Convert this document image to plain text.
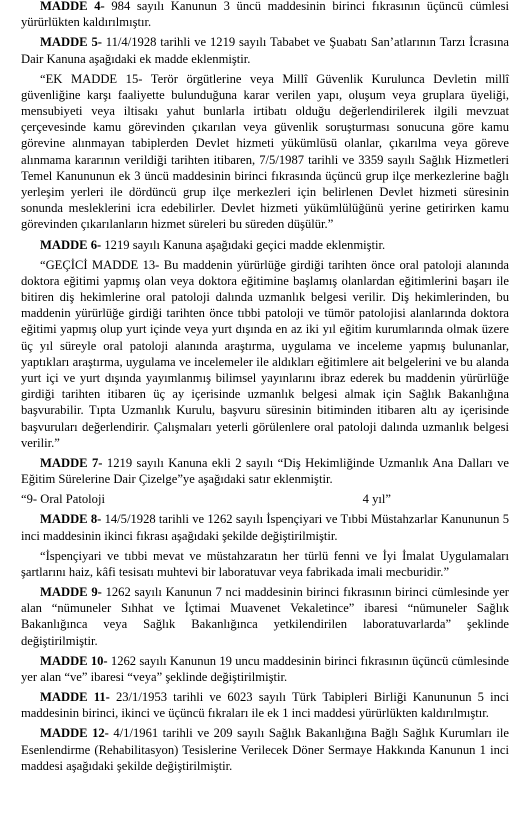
MADDE 4- 984 sayılı Kanunun 3 üncü maddesinin birinci fıkrasının üçüncü cümlesi yürürlükten kaldırılmıştır.

MADDE 5- 11/4/1928 tarihli ve 1219 sayılı Tababet ve Şuabatı San’atlarının Tarzı İcrasına Dair Kanuna aşağıdaki ek madde eklenmiştir.

“EK MADDE 15- Terör örgütlerine veya Millî Güvenlik Kurulunca Devletin millî güvenliğine karşı faaliyette bulunduğuna karar verilen yapı, oluşum veya gruplara üyeliği, mensubiyeti veya iltisakı yahut bunlarla irtibatı olduğu değerlendirilerek ilgili mevzuat çerçevesinde kamu görevinden çıkarılan veya güvenlik soruşturması sonucuna göre kamu görevine alınmayan tabiplerden Devlet hizmeti yükümlüsü olanlar, çıkarılma veya göreve alınmama kararının verildiği tarihten itibaren, 7/5/1987 tarihli ve 3359 sayılı Sağlık Hizmetleri Temel Kanununun ek 3 üncü maddesinin birinci fıkrasında üçüncü grup ilçe merkezlerine bağlı yerleşim yerleri ile dördüncü grup ilçe merkezleri için belirlenen Devlet hizmeti süresinin sonunda mesleklerini icra edebilirler. Devlet hizmeti yükümlülüğünü yerine getirirken kamu görevinden çıkarılanların hizmet süreleri bu süreden düşülür.”

MADDE 6- 1219 sayılı Kanuna aşağıdaki geçici madde eklenmiştir.

“GEÇİCİ MADDE 13- Bu maddenin yürürlüğe girdiği tarihten önce oral patoloji alanında doktora eğitimi yapmış olan veya doktora eğitimine başlamış olanlardan eğitimlerini başarı ile bitiren diş hekimlerine oral patoloji dalında uzmanlık belgesi verilir. Diş hekimlerinden, bu maddenin yürürlüğe girdiği tarihten önce tıbbi patoloji ve tümör patolojisi alanlarında doktora eğitimi yapmış olup yurt içinde veya yurt dışında en az iki yıl eğitim kurumlarında olmak üzere üç yıl süreyle oral patoloji alanında araştırma, uygulama ve inceleme yapmış bulunanlar, yaptıkları araştırma, uygulama ve incelemeler ile aldıkları eğitimlere ait belgelerini ve bu alanda yurt içi ve yurt dışında yayımlanmış bilimsel yayınlarını ibraz ederek bu maddenin yürürlüğe girdiği tarihten itibaren üç ay içerisinde uzmanlık belgesi almak için Sağlık Bakanlığına başvurabilir. Tıpta Uzmanlık Kurulu, başvuru süresinin bitiminden itibaren altı ay içerisinde başvuruları değerlendirir. Çalışmaları yeterli görülenlere oral patoloji dalında uzmanlık belgesi verilir.”

MADDE 7- 1219 sayılı Kanuna ekli 2 sayılı “Diş Hekimliğinde Uzmanlık Ana Dalları ve Eğitim Sürelerine Dair Çizelge”ye aşağıdaki satır eklenmiştir.

“9- Oral Patoloji	4 yıl”

MADDE 8- 14/5/1928 tarihli ve 1262 sayılı İspençiyari ve Tıbbi Müstahzarlar Kanununun 5 inci maddesinin ikinci fıkrası aşağıdaki şekilde değiştirilmiştir.

“İspençiyari ve tıbbi mevat ve müstahzaratın her türlü fenni ve İyi İmalat Uygulamaları şartlarını haiz, kâfi tesisatı muhtevi bir laboratuvar veya fabrikada imali mecburidir.”

MADDE 9- 1262 sayılı Kanunun 7 nci maddesinin birinci fıkrasının birinci cümlesinde yer alan “nümuneler Sıhhat ve İçtimai Muavenet Vekaletince” ibaresi “nümuneler Sağlık Bakanlığınca veya Sağlık Bakanlığınca yetkilendirilen laboratuvarlarda” şeklinde değiştirilmiştir.

MADDE 10- 1262 sayılı Kanunun 19 uncu maddesinin birinci fıkrasının üçüncü cümlesinde yer alan “ve” ibaresi “veya” şeklinde değiştirilmiştir.

MADDE 11- 23/1/1953 tarihli ve 6023 sayılı Türk Tabipleri Birliği Kanununun 5 inci maddesinin birinci, ikinci ve üçüncü fıkraları ile ek 1 inci maddesi yürürlükten kaldırılmıştır.

MADDE 12- 4/1/1961 tarihli ve 209 sayılı Sağlık Bakanlığına Bağlı Sağlık Kurumları ile Esenlendirme (Rehabilitasyon) Tesislerine Verilecek Döner Sermaye Hakkında Kanunun 1 inci maddesi aşağıdaki şekilde değiştirilmiştir.
